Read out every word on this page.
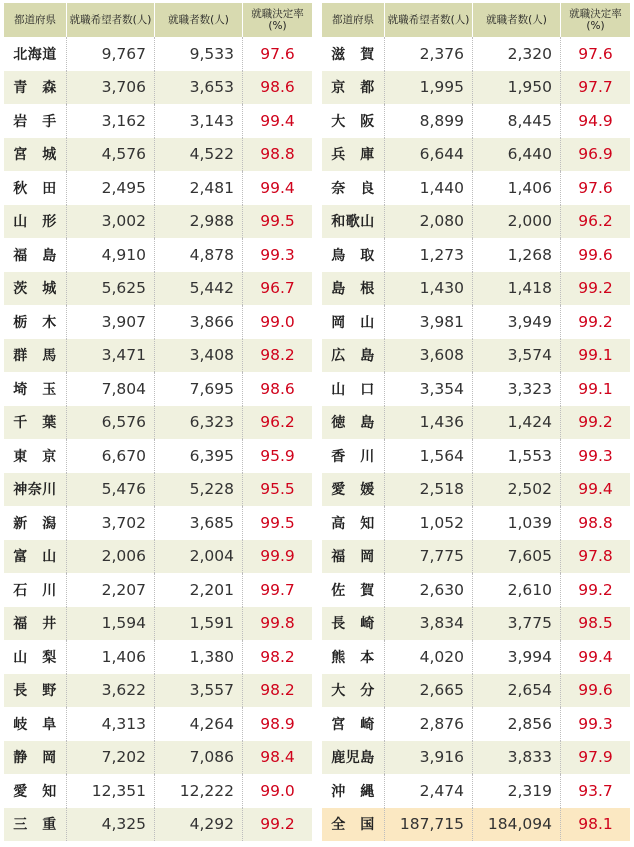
都道府県	就職希望者数(人)	就職者数(人)	就職決定率
(%)
北海道	9,767	9,533	97.6
青　森	3,706	3,653	98.6
岩　手	3,162	3,143	99.4
宮　城	4,576	4,522	98.8
秋　田	2,495	2,481	99.4
山　形	3,002	2,988	99.5
福　島	4,910	4,878	99.3
茨　城	5,625	5,442	96.7
栃　木	3,907	3,866	99.0
群　馬	3,471	3,408	98.2
埼　玉	7,804	7,695	98.6
千　葉	6,576	6,323	96.2
東　京	6,670	6,395	95.9
神奈川	5,476	5,228	95.5
新　潟	3,702	3,685	99.5
富　山	2,006	2,004	99.9
石　川	2,207	2,201	99.7
福　井	1,594	1,591	99.8
山　梨	1,406	1,380	98.2
長　野	3,622	3,557	98.2
岐　阜	4,313	4,264	98.9
静　岡	7,202	7,086	98.4
愛　知	12,351	12,222	99.0
三　重	4,325	4,292	99.2
都道府県	就職希望者数(人)	就職者数(人)	就職決定率
(%)
滋　賀	2,376	2,320	97.6
京　都	1,995	1,950	97.7
大　阪	8,899	8,445	94.9
兵　庫	6,644	6,440	96.9
奈　良	1,440	1,406	97.6
和歌山	2,080	2,000	96.2
鳥　取	1,273	1,268	99.6
島　根	1,430	1,418	99.2
岡　山	3,981	3,949	99.2
広　島	3,608	3,574	99.1
山　口	3,354	3,323	99.1
徳　島	1,436	1,424	99.2
香　川	1,564	1,553	99.3
愛　媛	2,518	2,502	99.4
高　知	1,052	1,039	98.8
福　岡	7,775	7,605	97.8
佐　賀	2,630	2,610	99.2
長　崎	3,834	3,775	98.5
熊　本	4,020	3,994	99.4
大　分	2,665	2,654	99.6
宮　崎	2,876	2,856	99.3
鹿児島	3,916	3,833	97.9
沖　縄	2,474	2,319	93.7
全　国	187,715	184,094	98.1
